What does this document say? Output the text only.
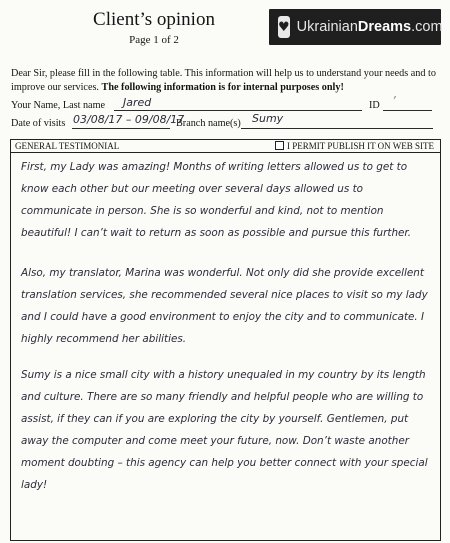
Client’s opinion
Page 1 of 2
♥ UkrainianDreams.com
Dear Sir, please fill in the following table. This information will help us to understand your needs and to improve our services. The following information is for internal purposes only!
Your Name, Last name Jared	ID ’
Date of visits 03/08/17 – 09/08/17
Branch name(s) Sumy
GENERAL TESTIMONIAL	I PERMIT PUBLISH IT ON WEB SITE
First, my Lady was amazing! Months of writing letters allowed us to get to know each other but our meeting over several days allowed us to communicate in person. She is so wonderful and kind, not to mention beautiful! I can’t wait to return as soon as possible and pursue this further.
Also, my translator, Marina was wonderful. Not only did she provide excellent translation services, she recommended several nice places to visit so my lady and I could have a good environment to enjoy the city and to communicate. I highly recommend her abilities.
Sumy is a nice small city with a history unequaled in my country by its length and culture. There are so many friendly and helpful people who are willing to assist, if they can if you are exploring the city by yourself. Gentlemen, put away the computer and come meet your future, now. Don’t waste another moment doubting – this agency can help you better connect with your special lady!
